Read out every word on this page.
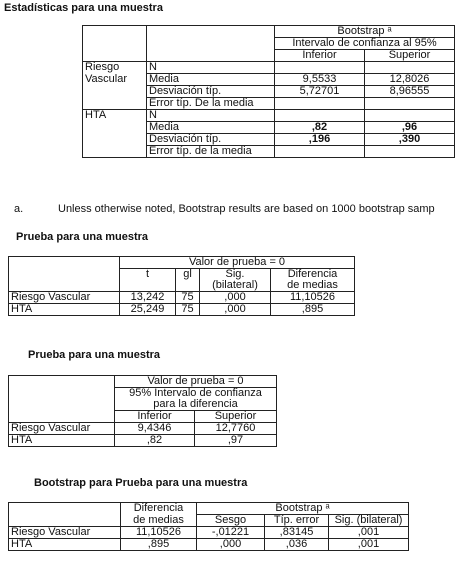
Estadísticas para una muestra
		Bootstrap ᵃ	
		Intervalo de confianza al 95%	
		Inferior	Superior
Riesgo	N		
Vascular	Media	9,5533	12,8026
	Desviación típ.	5,72701	8,96555
	Error típ. De la media		
HTA	N		
	Media	,82	,96
	Desviación típ.	,196	,390
	Error típ. de la media		
a.	Unless otherwise noted, Bootstrap results are based on 1000 bootstrap samp
Prueba para una muestra
	Valor de prueba = 0			
	t	gl	Sig.	Diferencia
			(bilateral)	de medias
Riesgo Vascular	13,242	75	,000	11,10526
HTA	25,249	75	,000	,895
Prueba para una muestra
	Valor de prueba = 0	
	95% Intervalo de confianza	
	para la diferencia	
	Inferior	Superior
Riesgo Vascular	9,4346	12,7760
HTA	,82	,97
Bootstrap para Prueba para una muestra
	Diferencia	Bootstrap ᵃ		
	de medias	Sesgo	Típ. error	Sig. (bilateral)
Riesgo Vascular	11,10526	-,01221	,83145	,001
HTA	,895	,000	,036	,001
